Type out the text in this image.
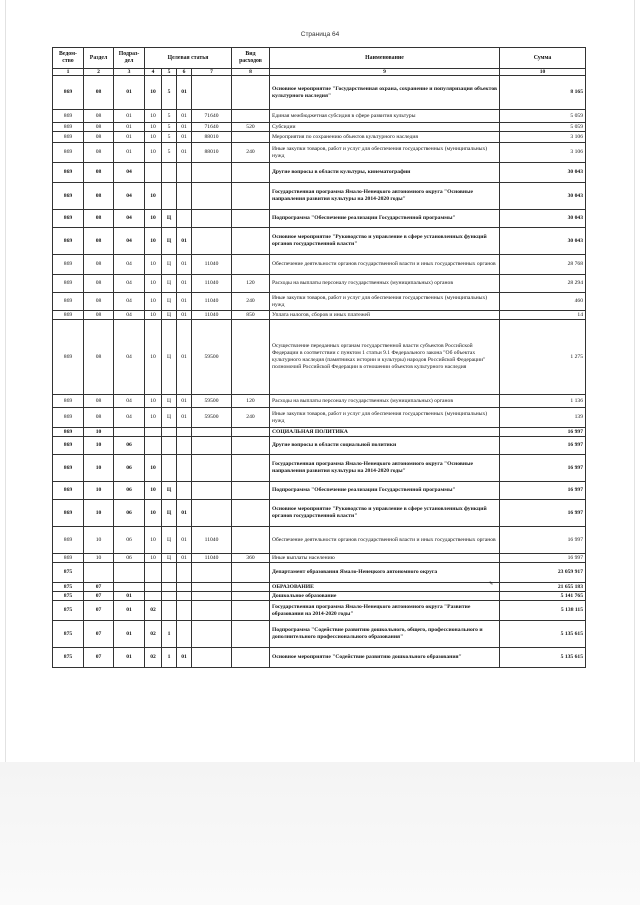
Страница 64
Ведом-ство	Раздел	Подраз-дел	Целевая статья				Вид расходов	Наименование	Сумма
1	2	3	4	5	6	7	8	9	10
869	08	01	10	5	01			Основное мероприятие "Государственная охрана, сохранение и популяризация объектов культурного наследия"	8 165
869	08	01	10	5	01	71640		Единая межбюджетная субсидия в сфере развития культуры	5 059
869	08	01	10	5	01	71640	520	Субсидии	5 059
869	08	01	10	5	01	88010		Мероприятия по сохранению объектов культурного наследия	3 106
869	08	01	10	5	01	88010	240	Иные закупки товаров, работ и услуг для обеспечения государственных (муниципальных) нужд	3 106
869	08	04						Другие вопросы в области культуры, кинематографии	30 043
869	08	04	10					Государственная программа Ямало-Ненецкого автономного округа "Основные направления развития культуры на 2014-2020 годы"	30 043
869	08	04	10	Ц				Подпрограмма "Обеспечение реализации Государственной программы"	30 043
869	08	04	10	Ц	01			Основное мероприятие "Руководство и управление в сфере установленных функций органов государственной власти"	30 043
869	08	04	10	Ц	01	11040		Обеспечение деятельности органов государственной власти и иных государственных органов	28 768
869	08	04	10	Ц	01	11040	120	Расходы на выплаты персоналу государственных (муниципальных) органов	28 294
869	08	04	10	Ц	01	11040	240	Иные закупки товаров, работ и услуг для обеспечения государственных (муниципальных) нужд	460
869	08	04	10	Ц	01	11040	850	Уплата налогов, сборов и иных платежей	14
869	08	04	10	Ц	01	59500		Осуществление переданных органам государственной власти субъектов Российской Федерации в соответствии с пунктом 1 статьи 9.1 Федерального закона "Об объектах культурного наследия (памятниках истории и культуры) народов Российской Федерации" полномочий Российской Федерации в отношении объектов культурного наследия	1 275
869	08	04	10	Ц	01	59500	120	Расходы на выплаты персоналу государственных (муниципальных) органов	1 136
869	08	04	10	Ц	01	59500	240	Иные закупки товаров, работ и услуг для обеспечения государственных (муниципальных) нужд	139
869	10							СОЦИАЛЬНАЯ ПОЛИТИКА	16 997
869	10	06						Другие вопросы в области социальной политики	16 997
869	10	06	10					Государственная программа Ямало-Ненецкого автономного округа "Основные направления развития культуры на 2014-2020 годы"	16 997
869	10	06	10	Ц				Подпрограмма "Обеспечение реализации Государственной программы"	16 997
869	10	06	10	Ц	01			Основное мероприятие "Руководство и управление в сфере установленных функций органов государственной власти"	16 997
869	10	06	10	Ц	01	11040		Обеспечение деятельности органов государственной власти и иных государственных органов	16 997
869	10	06	10	Ц	01	11040	360	Иные выплаты населению	16 997
875								Департамент образования Ямало-Ненецкого автономного округа	23 059 917
875	07							ОБРАЗОВАНИЕ	21 655 183
875	07	01						Дошкольное образование	5 141 765
875	07	01	02					Государственная программа Ямало-Ненецкого автономного округа "Развитие образования на 2014-2020 годы"	5 138 115
875	07	01	02	1				Подпрограмма "Содействие развитию дошкольного, общего, профессионального и дополнительного профессионального образования"	5 135 615
875	07	01	02	1	01			Основное мероприятие "Содействие развитию дошкольного образования"	5 135 615
✎
